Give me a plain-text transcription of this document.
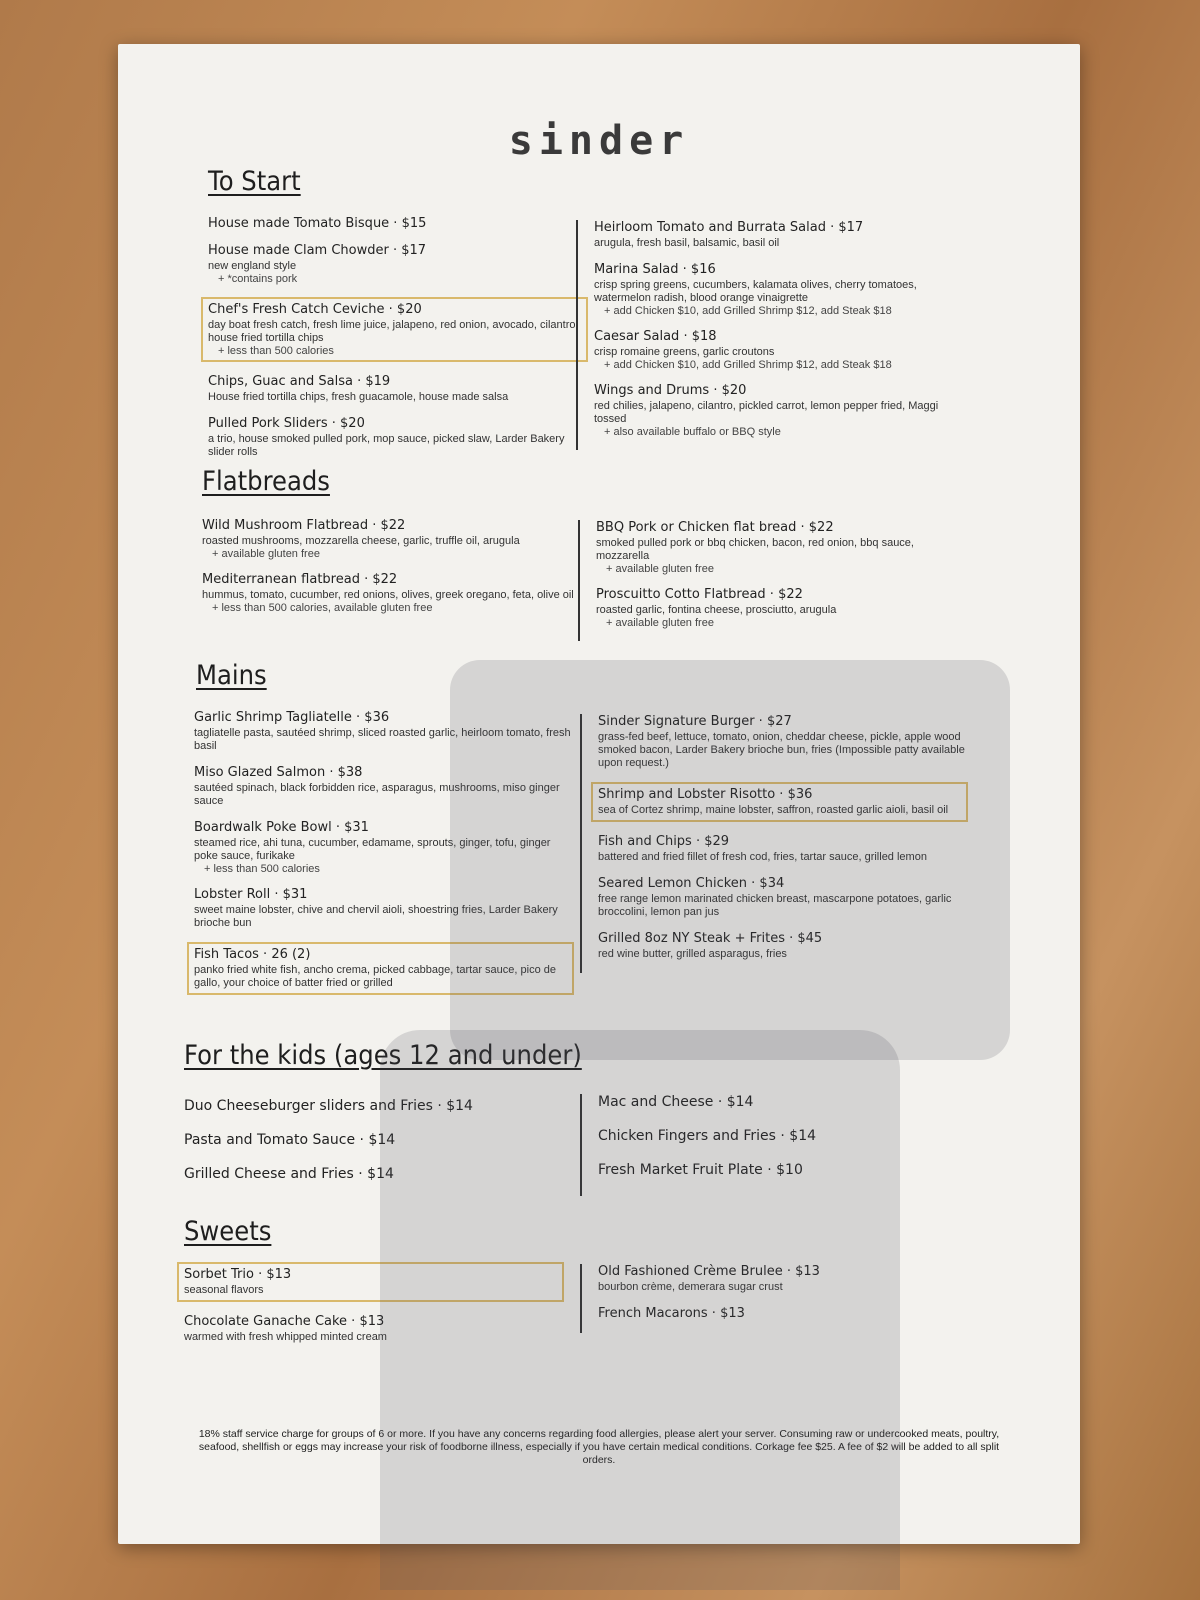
sinder
To Start
House made Tomato Bisque · $15
House made Clam Chowder · $17
new england style
+ *contains pork
Chef's Fresh Catch Ceviche · $20
day boat fresh catch, fresh lime juice, jalapeno, red onion, avocado, cilantro, house fried tortilla chips
+ less than 500 calories
Chips, Guac and Salsa · $19
House fried tortilla chips, fresh guacamole, house made salsa
Pulled Pork Sliders · $20
a trio, house smoked pulled pork, mop sauce, picked slaw, Larder Bakery slider rolls
Heirloom Tomato and Burrata Salad · $17
arugula, fresh basil, balsamic, basil oil
Marina Salad · $16
crisp spring greens, cucumbers, kalamata olives, cherry tomatoes, watermelon radish, blood orange vinaigrette
+ add Chicken $10, add Grilled Shrimp $12, add Steak $18
Caesar Salad · $18
crisp romaine greens, garlic croutons
+ add Chicken $10, add Grilled Shrimp $12, add Steak $18
Wings and Drums · $20
red chilies, jalapeno, cilantro, pickled carrot, lemon pepper fried, Maggi tossed
+ also available buffalo or BBQ style
Flatbreads
Wild Mushroom Flatbread · $22
roasted mushrooms, mozzarella cheese, garlic, truffle oil, arugula
+ available gluten free
Mediterranean flatbread · $22
hummus, tomato, cucumber, red onions, olives, greek oregano, feta, olive oil
+ less than 500 calories, available gluten free
BBQ Pork or Chicken flat bread · $22
smoked pulled pork or bbq chicken, bacon, red onion, bbq sauce, mozzarella
+ available gluten free
Proscuitto Cotto Flatbread · $22
roasted garlic, fontina cheese, prosciutto, arugula
+ available gluten free
Mains
Garlic Shrimp Tagliatelle · $36
tagliatelle pasta, sautéed shrimp, sliced roasted garlic, heirloom tomato, fresh basil
Miso Glazed Salmon · $38
sautéed spinach, black forbidden rice, asparagus, mushrooms, miso ginger sauce
Boardwalk Poke Bowl · $31
steamed rice, ahi tuna, cucumber, edamame, sprouts, ginger, tofu, ginger poke sauce, furikake
+ less than 500 calories
Lobster Roll · $31
sweet maine lobster, chive and chervil aioli, shoestring fries, Larder Bakery brioche bun
Fish Tacos · 26 (2)
panko fried white fish, ancho crema, picked cabbage, tartar sauce, pico de gallo, your choice of batter fried or grilled
Sinder Signature Burger · $27
grass-fed beef, lettuce, tomato, onion, cheddar cheese, pickle, apple wood smoked bacon, Larder Bakery brioche bun, fries (Impossible patty available upon request.)
Shrimp and Lobster Risotto · $36
sea of Cortez shrimp, maine lobster, saffron, roasted garlic aioli, basil oil
Fish and Chips · $29
battered and fried fillet of fresh cod, fries, tartar sauce, grilled lemon
Seared Lemon Chicken · $34
free range lemon marinated chicken breast, mascarpone potatoes, garlic broccolini, lemon pan jus
Grilled 8oz NY Steak + Frites · $45
red wine butter, grilled asparagus, fries
For the kids (ages 12 and under)
Duo Cheeseburger sliders and Fries · $14
Pasta and Tomato Sauce · $14
Grilled Cheese and Fries · $14
Mac and Cheese · $14
Chicken Fingers and Fries · $14
Fresh Market Fruit Plate · $10
Sweets
Sorbet Trio · $13
seasonal flavors
Chocolate Ganache Cake · $13
warmed with fresh whipped minted cream
Old Fashioned Crème Brulee · $13
bourbon crème, demerara sugar crust
French Macarons · $13
18% staff service charge for groups of 6 or more. If you have any concerns regarding food allergies, please alert your server. Consuming raw or undercooked meats, poultry, seafood, shellfish or eggs may increase your risk of foodborne illness, especially if you have certain medical conditions. Corkage fee $25. A fee of $2 will be added to all split orders.
